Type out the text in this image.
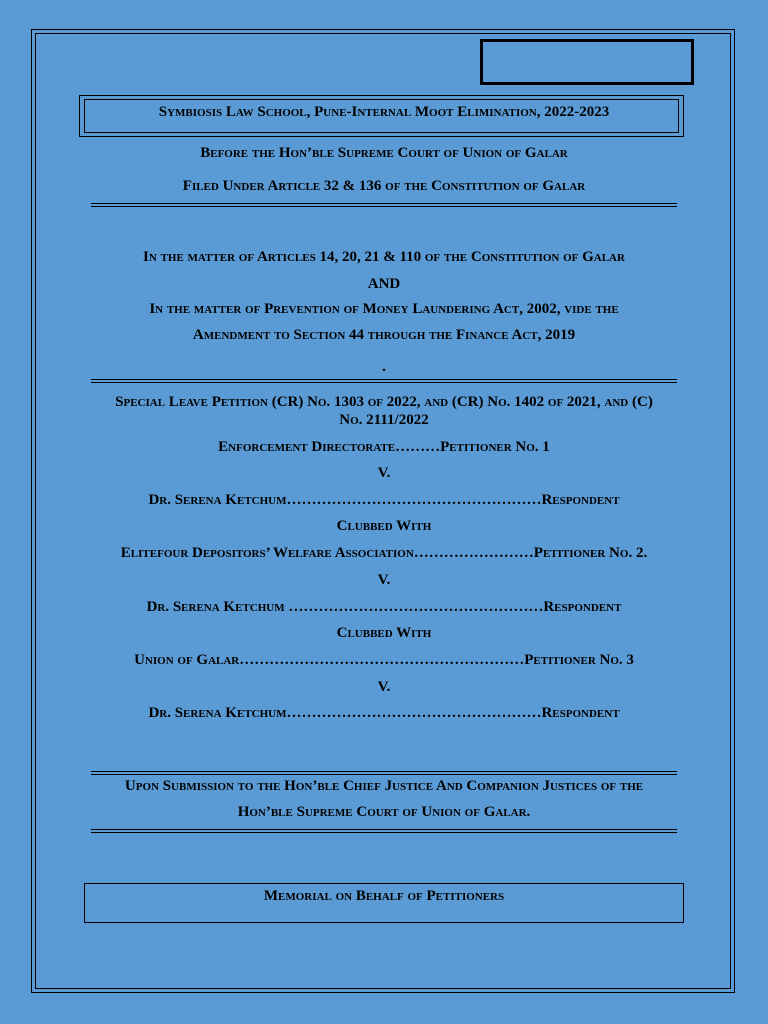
Symbiosis Law School, Pune-Internal Moot Elimination, 2022-2023
Before the Hon’ble Supreme Court of Union of Galar
Filed Under Article 32 & 136 of the Constitution of Galar
In the matter of Articles 14, 20, 21 & 110 of the Constitution of Galar
AND
In the matter of Prevention of Money Laundering Act, 2002, vide the
Amendment to Section 44 through the Finance Act, 2019
.
Special Leave Petition (CR) No. 1303 of 2022, and (CR) No. 1402 of 2021, and (C)
No. 2111/2022
Enforcement Directorate………Petitioner No. 1
V.
Dr. Serena Ketchum……………………………………………Respondent
Clubbed With
Elitefour Depositors’ Welfare Association……………………Petitioner No. 2.
V.
Dr. Serena Ketchum ……………………………………………Respondent
Clubbed With
Union of Galar…………………………………………………Petitioner No. 3
V.
Dr. Serena Ketchum……………………………………………Respondent
Upon Submission to the Hon’ble Chief Justice And Companion Justices of the
Hon’ble Supreme Court of Union of Galar.
Memorial on Behalf of Petitioners
